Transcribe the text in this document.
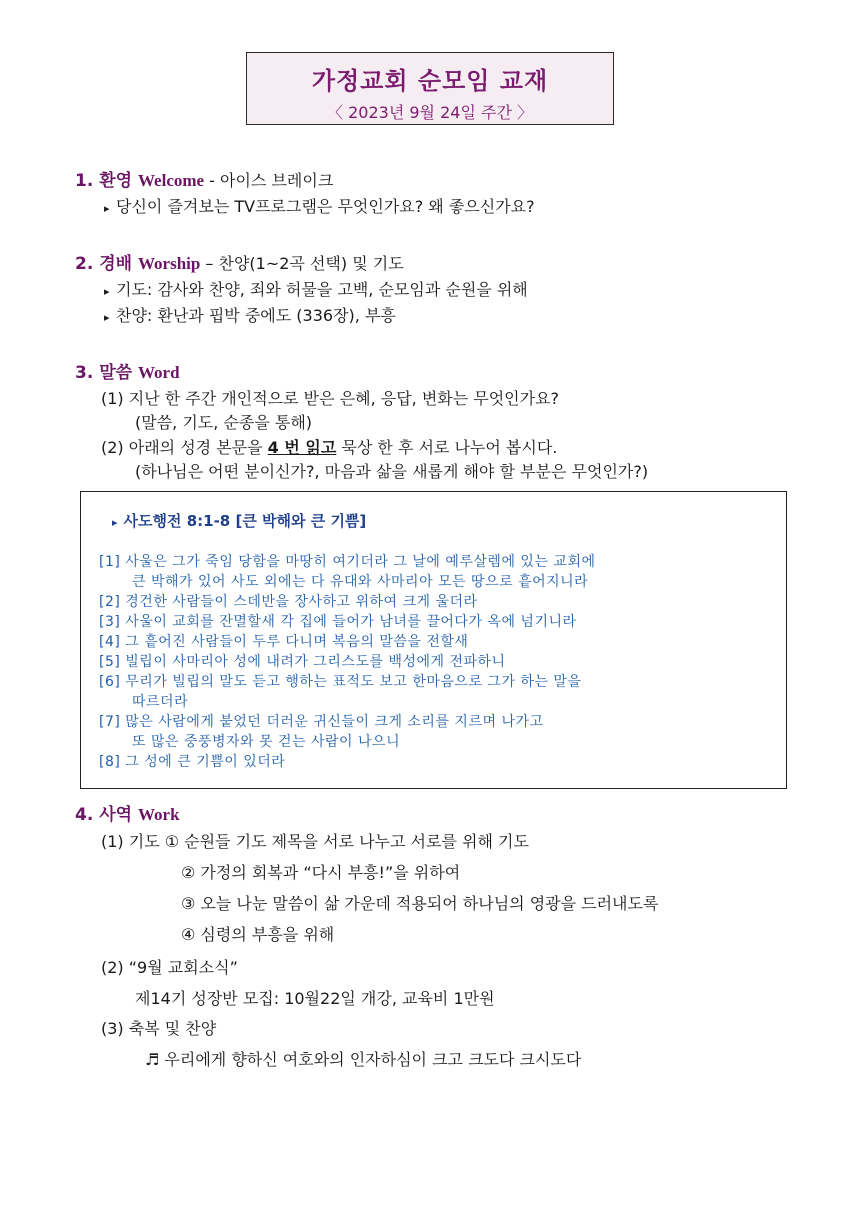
가정교회 순모임 교재
〈 2023년 9월 24일 주간 〉
1. 환영 Welcome - 아이스 브레이크
▸ 당신이 즐겨보는 TV프로그램은 무엇인가요? 왜 좋으신가요?
2. 경배 Worship – 찬양(1~2곡 선택) 및 기도
▸ 기도: 감사와 찬양, 죄와 허물을 고백, 순모임과 순원을 위해
▸ 찬양: 환난과 핍박 중에도 (336장), 부흥
3. 말씀 Word
(1) 지난 한 주간 개인적으로 받은 은혜, 응답, 변화는 무엇인가요?
(말씀, 기도, 순종을 통해)
(2) 아래의 성경 본문을 4 번 읽고 묵상 한 후 서로 나누어 봅시다.
(하나님은 어떤 분이신가?, 마음과 삶을 새롭게 해야 할 부분은 무엇인가?)
▸ 사도행전 8:1-8 [큰 박해와 큰 기쁨]
[1] 사울은 그가 죽임 당함을 마땅히 여기더라 그 날에 예루살렘에 있는 교회에
큰 박해가 있어 사도 외에는 다 유대와 사마리아 모든 땅으로 흩어지니라
[2] 경건한 사람들이 스데반을 장사하고 위하여 크게 울더라
[3] 사울이 교회를 잔멸할새 각 집에 들어가 남녀를 끌어다가 옥에 넘기니라
[4] 그 흩어진 사람들이 두루 다니며 복음의 말씀을 전할새
[5] 빌립이 사마리아 성에 내려가 그리스도를 백성에게 전파하니
[6] 무리가 빌립의 말도 듣고 행하는 표적도 보고 한마음으로 그가 하는 말을
따르더라
[7] 많은 사람에게 붙었던 더러운 귀신들이 크게 소리를 지르며 나가고
또 많은 중풍병자와 못 걷는 사람이 나으니
[8] 그 성에 큰 기쁨이 있더라
4. 사역 Work
(1) 기도 ① 순원들 기도 제목을 서로 나누고 서로를 위해 기도
② 가정의 회복과 “다시 부흥!”을 위하여
③ 오늘 나눈 말씀이 삶 가운데 적용되어 하나님의 영광을 드러내도록
④ 심령의 부흥을 위해
(2) “9월 교회소식”
제14기 성장반 모집: 10월22일 개강, 교육비 1만원
(3) 축복 및 찬양
♬ 우리에게 향하신 여호와의 인자하심이 크고 크도다 크시도다
